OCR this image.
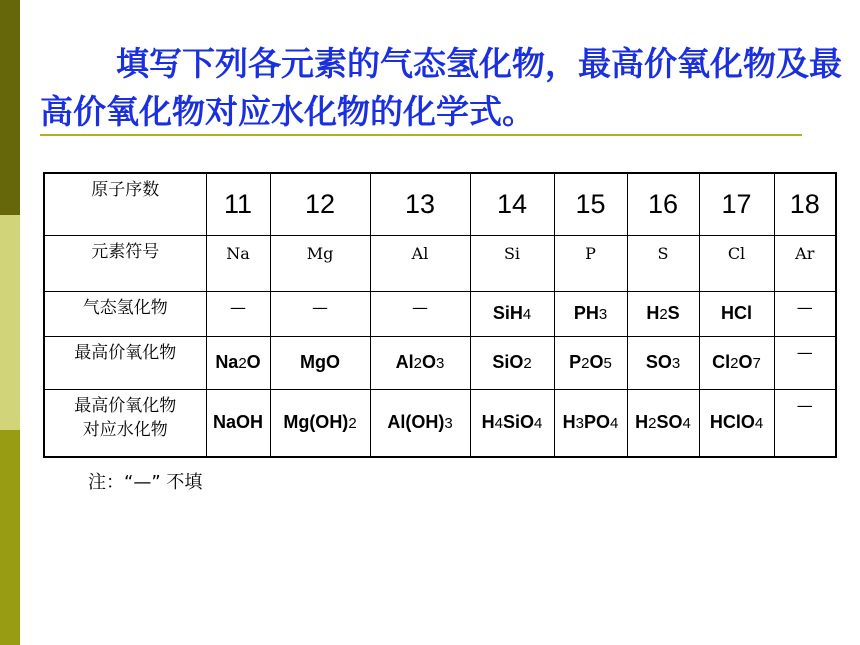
填写下列各元素的气态氢化物，最高价氧化物及最高价氧化物对应水化物的化学式。
原子序数	11	12	13	14	15	16	17	18
元素符号	Na	Mg	Al	Si	P	S	Cl	Ar
气态氢化物	—	—	—	SiH4	PH3	H2S	HCl	—
最高价氧化物	Na2O	MgO	Al2O3	SiO2	P2O5	SO3	Cl2O7	—

最高价氧化物
对应水化物	NaOH	Mg(OH)2	Al(OH)3	H4SiO4	H3PO4	H2SO4	HClO4	—
注：“—” 不填
